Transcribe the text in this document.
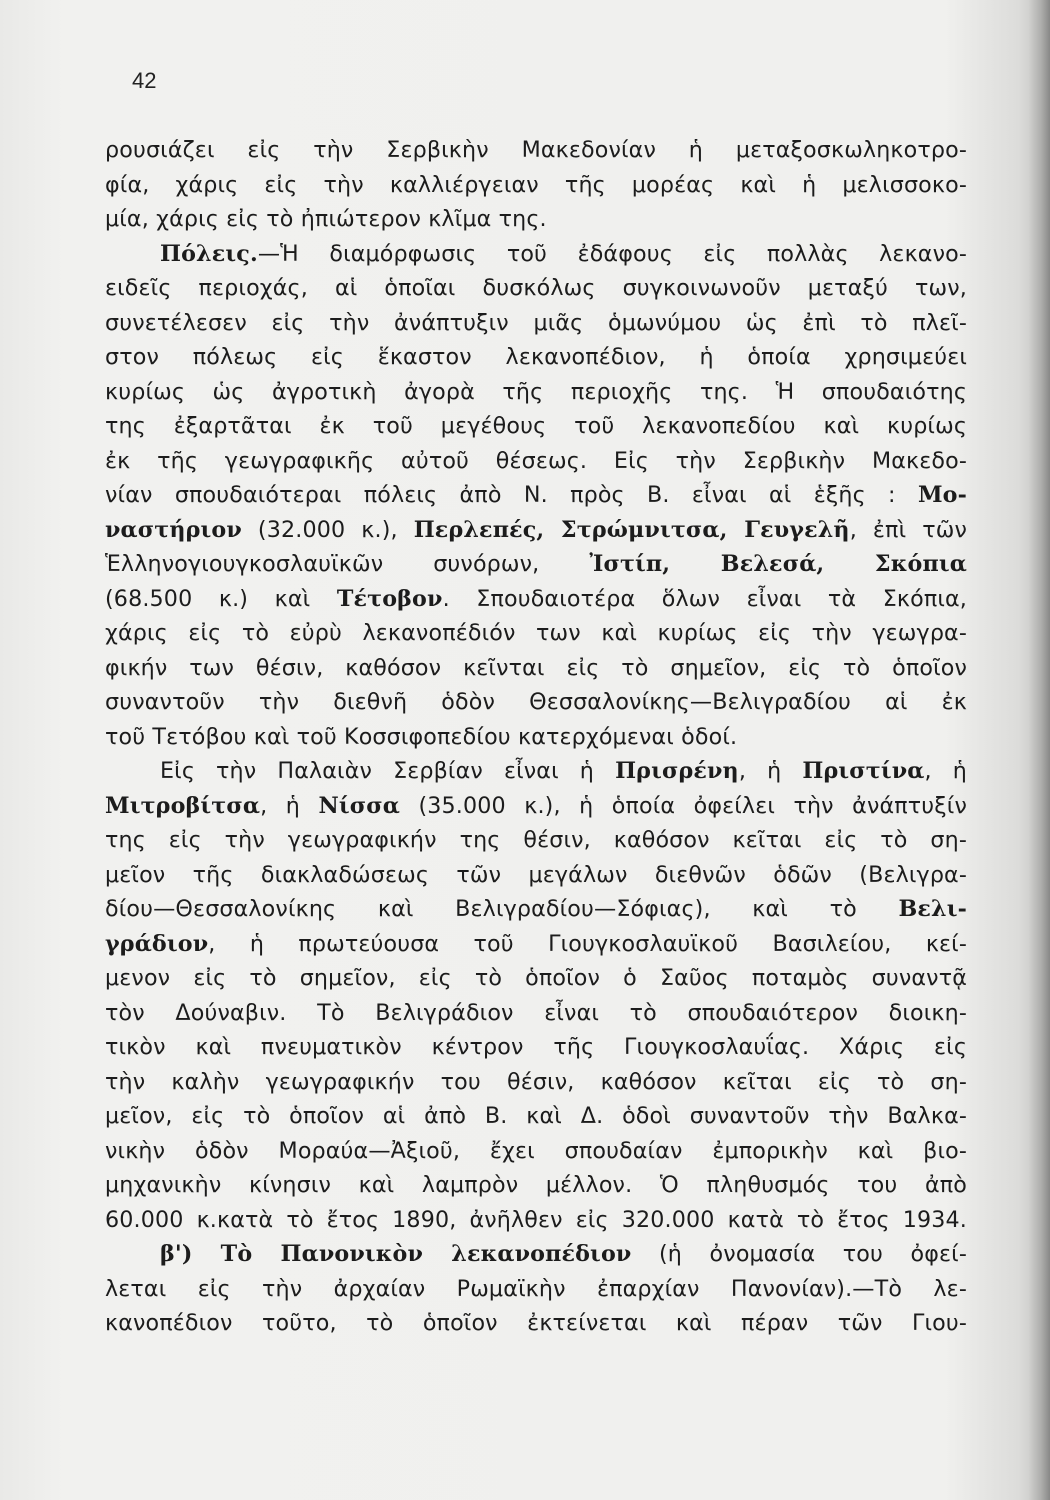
42
ρουσιάζει εἰς τὴν Σερβικὴν Μακεδονίαν ἡ μεταξοσκωληκοτρο-
φία, χάρις εἰς τὴν καλλιέργειαν τῆς μορέας καὶ ἡ μελισσοκο-
μία, χάρις εἰς τὸ ἠπιώτερον κλῖμα της.
Πόλεις.—Ἡ διαμόρφωσις τοῦ ἐδάφους εἰς πολλὰς λεκανο-
ειδεῖς περιοχάς, αἱ ὁποῖαι δυσκόλως συγκοινωνοῦν μεταξύ των,
συνετέλεσεν εἰς τὴν ἀνάπτυξιν μιᾶς ὁμωνύμου ὡς ἐπὶ τὸ πλεῖ-
στον πόλεως εἰς ἕκαστον λεκανοπέδιον, ἡ ὁποία χρησιμεύει
κυρίως ὡς ἀγροτικὴ ἀγορὰ τῆς περιοχῆς της. Ἡ σπουδαιότης
της ἐξαρτᾶται ἐκ τοῦ μεγέθους τοῦ λεκανοπεδίου καὶ κυρίως
ἐκ τῆς γεωγραφικῆς αὐτοῦ θέσεως. Εἰς τὴν Σερβικὴν Μακεδο-
νίαν σπουδαιότεραι πόλεις ἀπὸ Ν. πρὸς Β. εἶναι αἱ ἑξῆς : Μο-
ναστήριον (32.000 κ.), Περλεπές, Στρώμνιτσα, Γευγελῆ, ἐπὶ τῶν
Ἑλληνογιουγκοσλαυϊκῶν συνόρων, Ἰστίπ, Βελεσά, Σκόπια
(68.500 κ.) καὶ Τέτοβον. Σπουδαιοτέρα ὅλων εἶναι τὰ Σκόπια,
χάρις εἰς τὸ εὐρὺ λεκανοπέδιόν των καὶ κυρίως εἰς τὴν γεωγρα-
φικήν των θέσιν, καθόσον κεῖνται εἰς τὸ σημεῖον, εἰς τὸ ὁποῖον
συναντοῦν τὴν διεθνῆ ὁδὸν Θεσσαλονίκης—Βελιγραδίου αἱ ἐκ
τοῦ Τετόβου καὶ τοῦ Κοσσιφοπεδίου κατερχόμεναι ὁδοί.
Εἰς τὴν Παλαιὰν Σερβίαν εἶναι ἡ Πρισρένη, ἡ Πριστίνα, ἡ
Μιτροβίτσα, ἡ Νίσσα (35.000 κ.), ἡ ὁποία ὀφείλει τὴν ἀνάπτυξίν
της εἰς τὴν γεωγραφικήν της θέσιν, καθόσον κεῖται εἰς τὸ ση-
μεῖον τῆς διακλαδώσεως τῶν μεγάλων διεθνῶν ὁδῶν (Βελιγρα-
δίου—Θεσσαλονίκης καὶ Βελιγραδίου—Σόφιας), καὶ τὸ Βελι-
γράδιον, ἡ πρωτεύουσα τοῦ Γιουγκοσλαυϊκοῦ Βασιλείου, κεί-
μενον εἰς τὸ σημεῖον, εἰς τὸ ὁποῖον ὁ Σαῦος ποταμὸς συναντᾷ
τὸν Δούναβιν. Τὸ Βελιγράδιον εἶναι τὸ σπουδαιότερον διοικη-
τικὸν καὶ πνευματικὸν κέντρον τῆς Γιουγκοσλαυΐας. Χάρις εἰς
τὴν καλὴν γεωγραφικήν του θέσιν, καθόσον κεῖται εἰς τὸ ση-
μεῖον, εἰς τὸ ὁποῖον αἱ ἀπὸ Β. καὶ Δ. ὁδοὶ συναντοῦν τὴν Βαλκα-
νικὴν ὁδὸν Μοραύα—Ἀξιοῦ, ἔχει σπουδαίαν ἐμπορικὴν καὶ βιο-
μηχανικὴν κίνησιν καὶ λαμπρὸν μέλλον. Ὁ πληθυσμός του ἀπὸ
60.000 κ.κατὰ τὸ ἔτος 1890, ἀνῆλθεν εἰς 320.000 κατὰ τὸ ἔτος 1934.
β') Τὸ Πανονικὸν λεκανοπέδιον (ἡ ὀνομασία του ὀφεί-
λεται εἰς τὴν ἀρχαίαν Ρωμαϊκὴν ἐπαρχίαν Πανονίαν).—Τὸ λε-
κανοπέδιον τοῦτο, τὸ ὁποῖον ἐκτείνεται καὶ πέραν τῶν Γιου-
